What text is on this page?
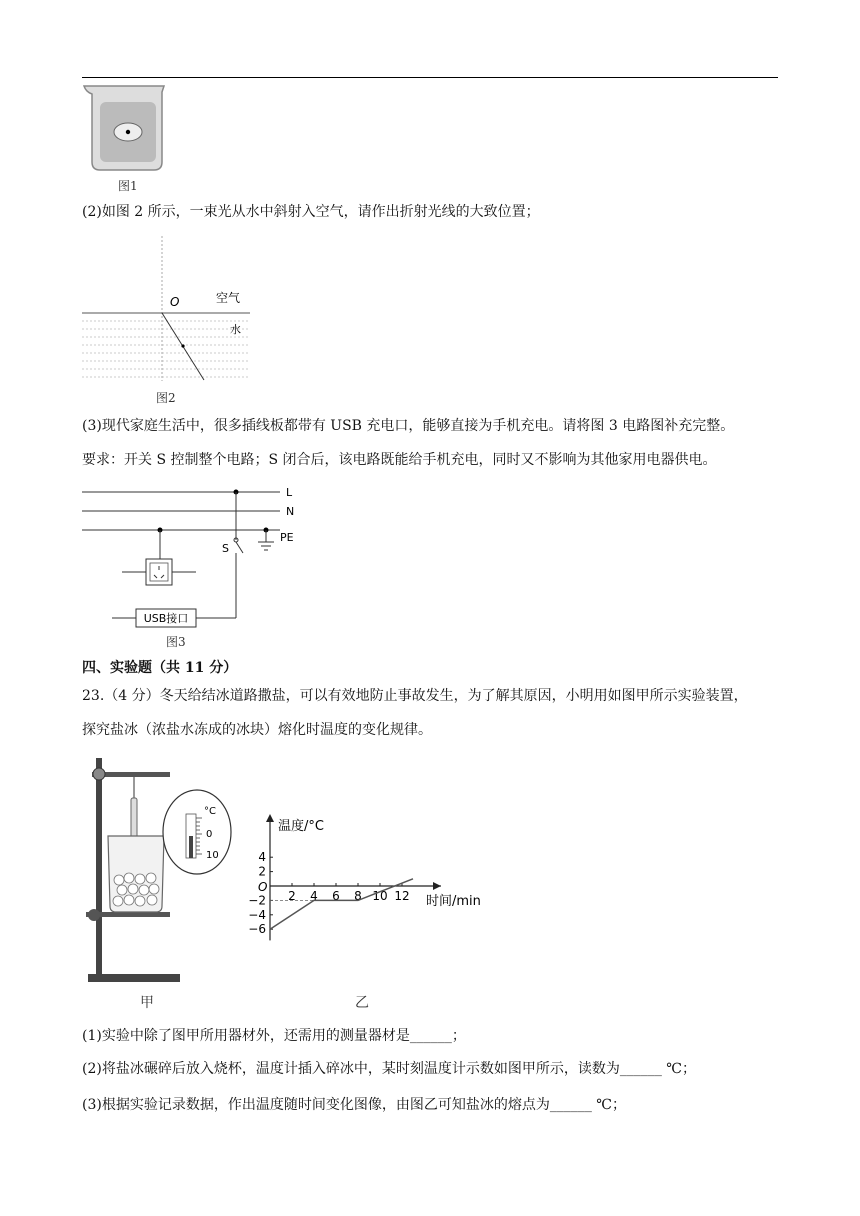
图1
(2)如图 2 所示，一束光从水中斜射入空气，请作出折射光线的大致位置；
O	空气
水
图2
(3)现代家庭生活中，很多插线板都带有 USB 充电口，能够直接为手机充电。请将图 3 电路图补充完整。
要求：开关 S 控制整个电路；S 闭合后，该电路既能给手机充电，同时又不影响为其他家用电器供电。
L
N
PE
S
USB接口
图3
四、实验题（共 11 分）
23.（4 分）冬天给结冰道路撒盐，可以有效地防止事故发生，为了解其原因，小明用如图甲所示实验装置，
探究盐冰（浓盐水冻成的冰块）熔化时温度的变化规律。
°C
0
10
甲
温度/°C
时间/min
O
2 4 6 8 10 12
4
2
−2
−4
−6
乙
(1)实验中除了图甲所用器材外，还需用的测量器材是______；
(2)将盐冰碾碎后放入烧杯，温度计插入碎冰中，某时刻温度计示数如图甲所示，读数为______ ℃；
(3)根据实验记录数据，作出温度随时间变化图像，由图乙可知盐冰的熔点为______ ℃；
